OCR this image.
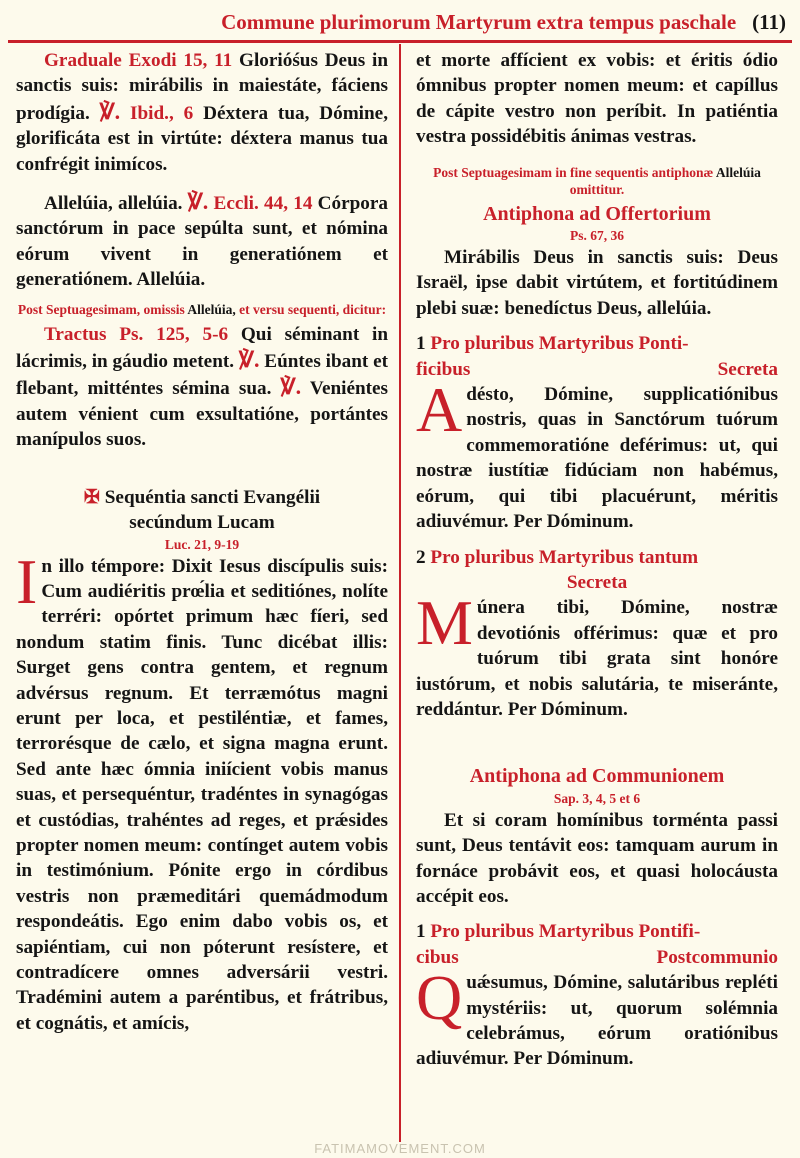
Commune plurimorum Martyrum extra tempus paschale (11)

Graduale Exodi 15, 11 Glorióśus Deus in sanctis suis: mirábilis in maiestáte, fáciens prodígia. ℣. Ibid., 6 Déxtera tua, Dómine, glorificáta est in virtúte: déxtera manus tua confrégit inimícos.

Allelúia, allelúia. ℣. Eccli. 44, 14 Córpora sanctórum in pace sepúlta sunt, et nómina eórum vivent in generatiónem et generatiónem. Allelúia.

Post Septuagesimam, omissis Allelúia, et versu sequenti, dicitur:

Tractus Ps. 125, 5-6 Qui séminant in lácrimis, in gáudio metent. ℣. Eúntes ibant et flebant, mitténtes sémina sua. ℣. Veniéntes autem vénient cum exsultatióne, portántes manípulos suos.

✠ Sequéntia sancti Evangélii
secúndum Lucam
Luc. 21, 9-19

In illo témpore: Dixit Iesus discípulis suis: Cum audiéritis prœ́lia et seditiónes, nolíte terréri: opórtet primum hæc fíeri, sed nondum statim finis. Tunc dicébat illis: Surget gens contra gentem, et regnum advérsus regnum. Et terræmótus magni erunt per loca, et pestiléntiæ, et fames, terrorésque de cælo, et signa magna erunt. Sed ante hæc ómnia iniícient vobis manus suas, et persequéntur, tradéntes in synagógas et custódias, trahéntes ad reges, et prǽsides propter nomen meum: contínget autem vobis in testimónium. Pónite ergo in córdibus vestris non præmeditári quemádmodum respondeátis. Ego enim dabo vobis os, et sapiéntiam, cui non póterunt resístere, et contradícere omnes adversárii vestri. Tradémini autem a paréntibus, et frátribus, et cognátis, et amícis,

et morte affícient ex vobis: et éritis ódio ómnibus propter nomen meum: et capíllus de cápite vestro non períbit. In patiéntia vestra possidébitis ánimas vestras.

Post Septuagesimam in fine sequentis antiphonæ Allelúia omittitur.
Antiphona ad Offertorium
Ps. 67, 36

Mirábilis Deus in sanctis suis: Deus Israël, ipse dabit virtútem, et fortitúdinem plebi suæ: benedíctus Deus, allelúia.

1 Pro pluribus Martyribus Ponti-
ficibus	Secreta

Adésto, Dómine, supplicatiónibus nostris, quas in Sanctórum tuórum commemoratióne deférimus: ut, qui nostræ iustítiæ fidúciam non habémus, eórum, qui tibi placuérunt, méritis adiuvémur. Per Dóminum.

2 Pro pluribus Martyribus tantum
Secreta

Múnera tibi, Dómine, nostræ devotiónis offérimus: quæ et pro tuórum tibi grata sint honóre iustórum, et nobis salutária, te miseránte, reddántur. Per Dóminum.

Antiphona ad Communionem
Sap. 3, 4, 5 et 6

Et si coram homínibus torménta passi sunt, Deus tentávit eos: tamquam aurum in fornáce probávit eos, et quasi holocáusta accépit eos.

1 Pro pluribus Martyribus Pontifi-
cibus	Postcommunio

Quǽsumus, Dómine, salutáribus repléti mystériis: ut, quorum solémnia celebrámus, eórum oratiónibus adiuvémur. Per Dóminum.

FATIMAMOVEMENT.COM
